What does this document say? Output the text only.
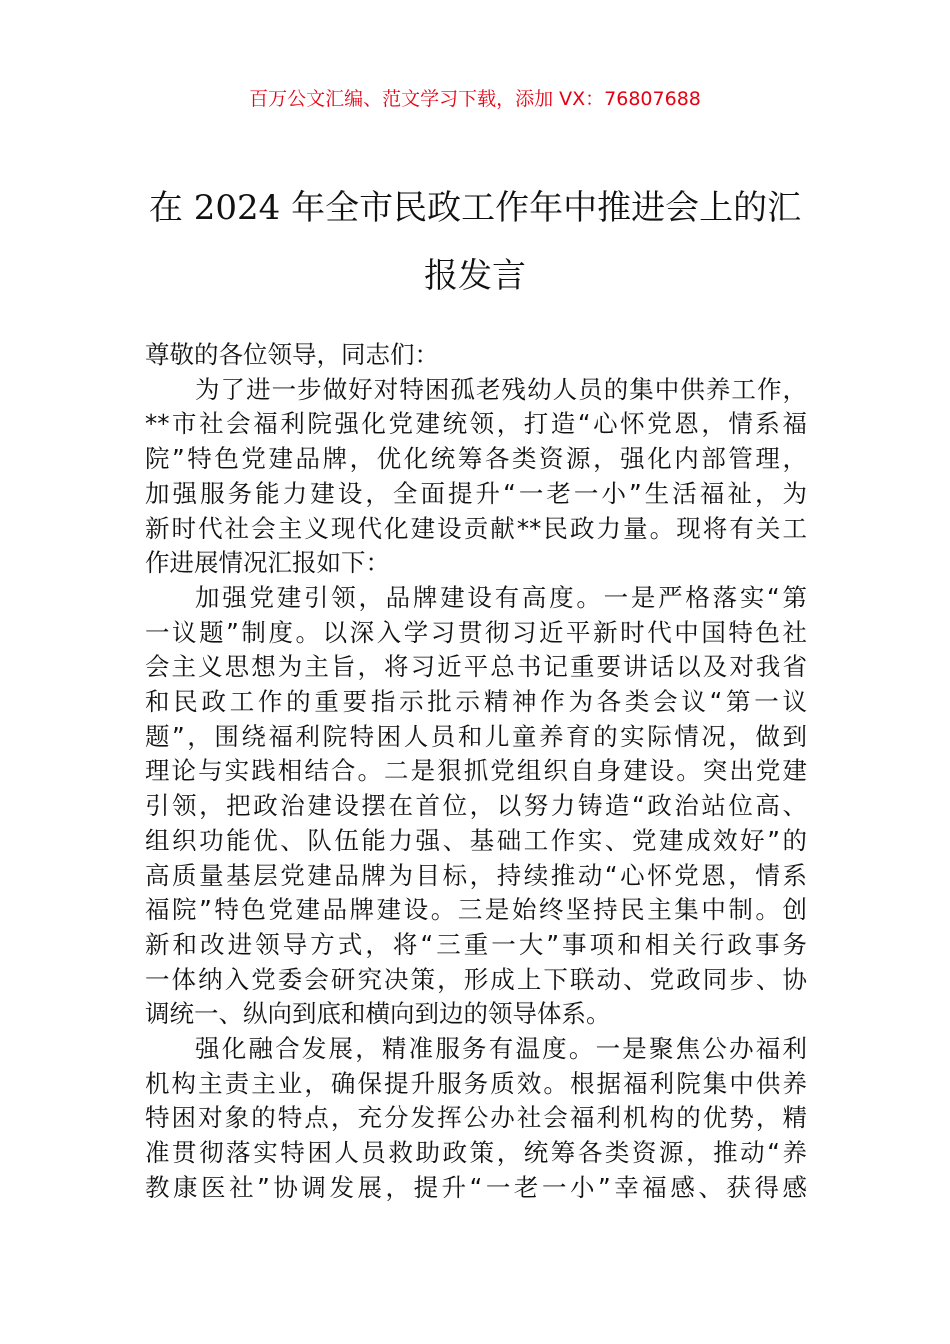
百万公文汇编、范文学习下载，添加 VX：76807688
在 2024 年全市民政工作年中推进会上的汇
报发言
尊敬的各位领导，同志们：
为了进一步做好对特困孤老残幼人员的集中供养工作，
**市社会福利院强化党建统领，打造“心怀党恩，情系福
院”特色党建品牌，优化统筹各类资源，强化内部管理，
加强服务能力建设，全面提升“一老一小”生活福祉，为
新时代社会主义现代化建设贡献**民政力量。现将有关工
作进展情况汇报如下：
加强党建引领，品牌建设有高度。一是严格落实“第
一议题”制度。以深入学习贯彻习近平新时代中国特色社
会主义思想为主旨，将习近平总书记重要讲话以及对我省
和民政工作的重要指示批示精神作为各类会议“第一议
题”，围绕福利院特困人员和儿童养育的实际情况，做到
理论与实践相结合。二是狠抓党组织自身建设。突出党建
引领，把政治建设摆在首位，以努力铸造“政治站位高、
组织功能优、队伍能力强、基础工作实、党建成效好”的
高质量基层党建品牌为目标，持续推动“心怀党恩，情系
福院”特色党建品牌建设。三是始终坚持民主集中制。创
新和改进领导方式，将“三重一大”事项和相关行政事务
一体纳入党委会研究决策，形成上下联动、党政同步、协
调统一、纵向到底和横向到边的领导体系。
强化融合发展，精准服务有温度。一是聚焦公办福利
机构主责主业，确保提升服务质效。根据福利院集中供养
特困对象的特点，充分发挥公办社会福利机构的优势，精
准贯彻落实特困人员救助政策，统筹各类资源，推动“养
教康医社”协调发展，提升“一老一小”幸福感、获得感
